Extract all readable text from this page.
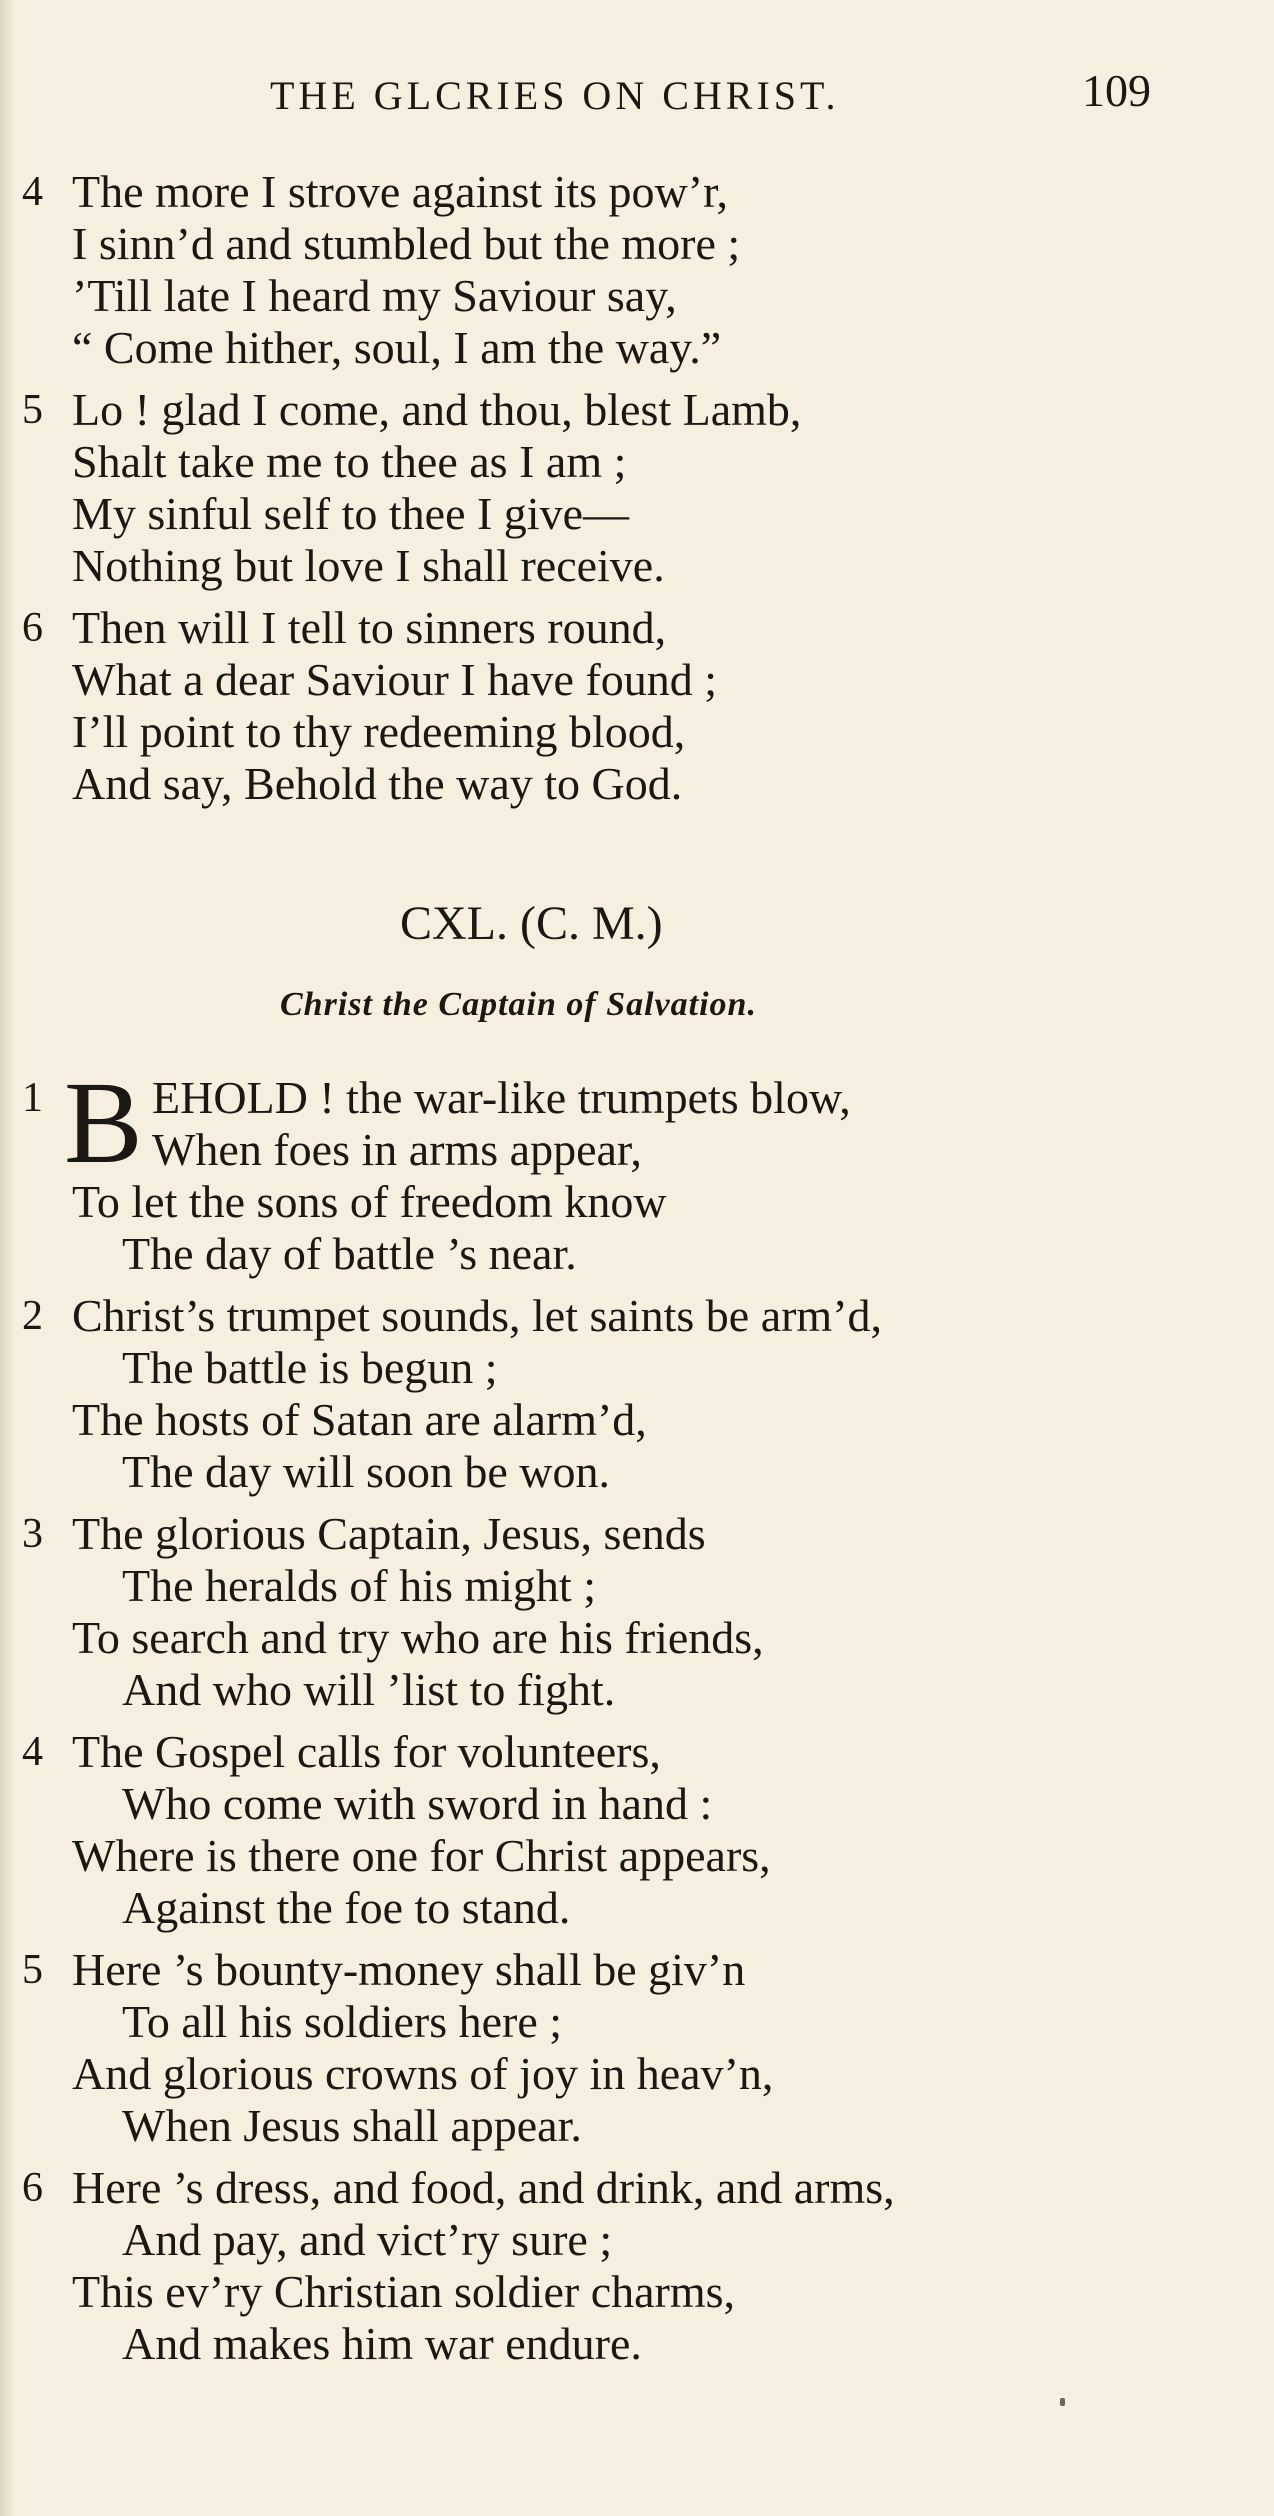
THE GLCRIES ON CHRIST.	109
4 The more I strove against its pow’r,
I sinn’d and stumbled but the more ;
’Till late I heard my Saviour say,
“ Come hither, soul, I am the way.”
5 Lo ! glad I come, and thou, blest Lamb,
Shalt take me to thee as I am ;
My sinful self to thee I give—
Nothing but love I shall receive.
6 Then will I tell to sinners round,
What a dear Saviour I have found ;
I’ll point to thy redeeming blood,
And say, Behold the way to God.
CXL. (C. M.)
Christ the Captain of Salvation.
1 B EHOLD ! the war-like trumpets blow,
When foes in arms appear,
To let the sons of freedom know
The day of battle ’s near.
2 Christ’s trumpet sounds, let saints be arm’d,
The battle is begun ;
The hosts of Satan are alarm’d,
The day will soon be won.
3 The glorious Captain, Jesus, sends
The heralds of his might ;
To search and try who are his friends,
And who will ’list to fight.
4 The Gospel calls for volunteers,
Who come with sword in hand :
Where is there one for Christ appears,
Against the foe to stand.
5 Here ’s bounty-money shall be giv’n
To all his soldiers here ;
And glorious crowns of joy in heav’n,
When Jesus shall appear.
6 Here ’s dress, and food, and drink, and arms,
And pay, and vict’ry sure ;
This ev’ry Christian soldier charms,
And makes him war endure.
